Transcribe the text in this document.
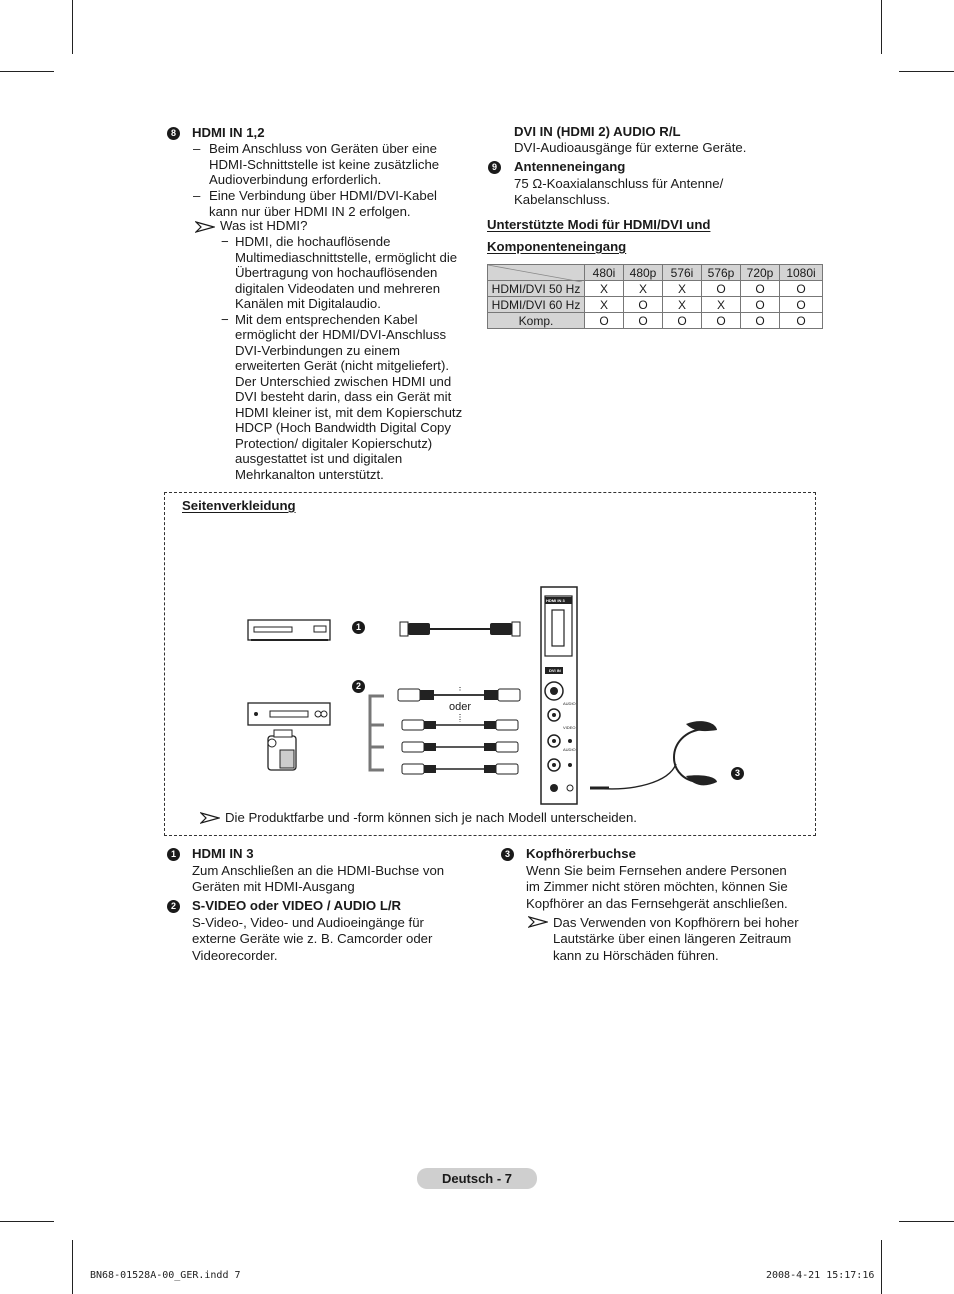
8	HDMI IN 1,2
– Beim Anschluss von Geräten über eine
HDMI-Schnittstelle ist keine zusätzliche
Audioverbindung erforderlich.
– Eine Verbindung über HDMI/DVI-Kabel
kann nur über HDMI IN 2 erfolgen.
Was ist HDMI?
− HDMI, die hochauflösende
Multimediaschnittstelle, ermöglicht die
Übertragung von hochauflösenden
digitalen Videodaten und mehreren
Kanälen mit Digitalaudio.
− Mit dem entsprechenden Kabel
ermöglicht der HDMI/DVI-Anschluss
DVI-Verbindungen zu einem
erweiterten Gerät (nicht mitgeliefert).
Der Unterschied zwischen HDMI und
DVI besteht darin, dass ein Gerät mit
HDMI kleiner ist, mit dem Kopierschutz
HDCP (Hoch Bandwidth Digital Copy
Protection/ digitaler Kopierschutz)
ausgestattet ist und digitalen
Mehrkanalton unterstützt.
DVI IN (HDMI 2) AUDIO R/L
DVI-Audioausgänge für externe Geräte.
9	Antenneneingang
75 Ω-Koaxialanschluss für Antenne/
Kabelanschluss.
Unterstützte Modi für HDMI/DVI und
Komponenteneingang
	480i	480p	576i	576p	720p	1080i
HDMI/DVI 50 Hz	X	X	X	O	O	O
HDMI/DVI 60 Hz	X	O	X	X	O	O
Komp.	O	O	O	O	O	O
Seitenverkleidung
1
2
3
oder
HDMI IN 3
DVI IN
AUDIO
VIDEO
AUDIO
Die Produktfarbe und -form können sich je nach Modell unterscheiden.
1	HDMI IN 3
Zum Anschließen an die HDMI-Buchse von
Geräten mit HDMI-Ausgang
2	S-VIDEO oder VIDEO / AUDIO L/R
S-Video-, Video- und Audioeingänge für
externe Geräte wie z. B. Camcorder oder
Videorecorder.
3	Kopfhörerbuchse
Wenn Sie beim Fernsehen andere Personen
im Zimmer nicht stören möchten, können Sie
Kopfhörer an das Fernsehgerät anschließen.
Das Verwenden von Kopfhörern bei hoher
Lautstärke über einen längeren Zeitraum
kann zu Hörschäden führen.
Deutsch - 7
BN68-01528A-00_GER.indd 7	2008-4-21 15:17:16
